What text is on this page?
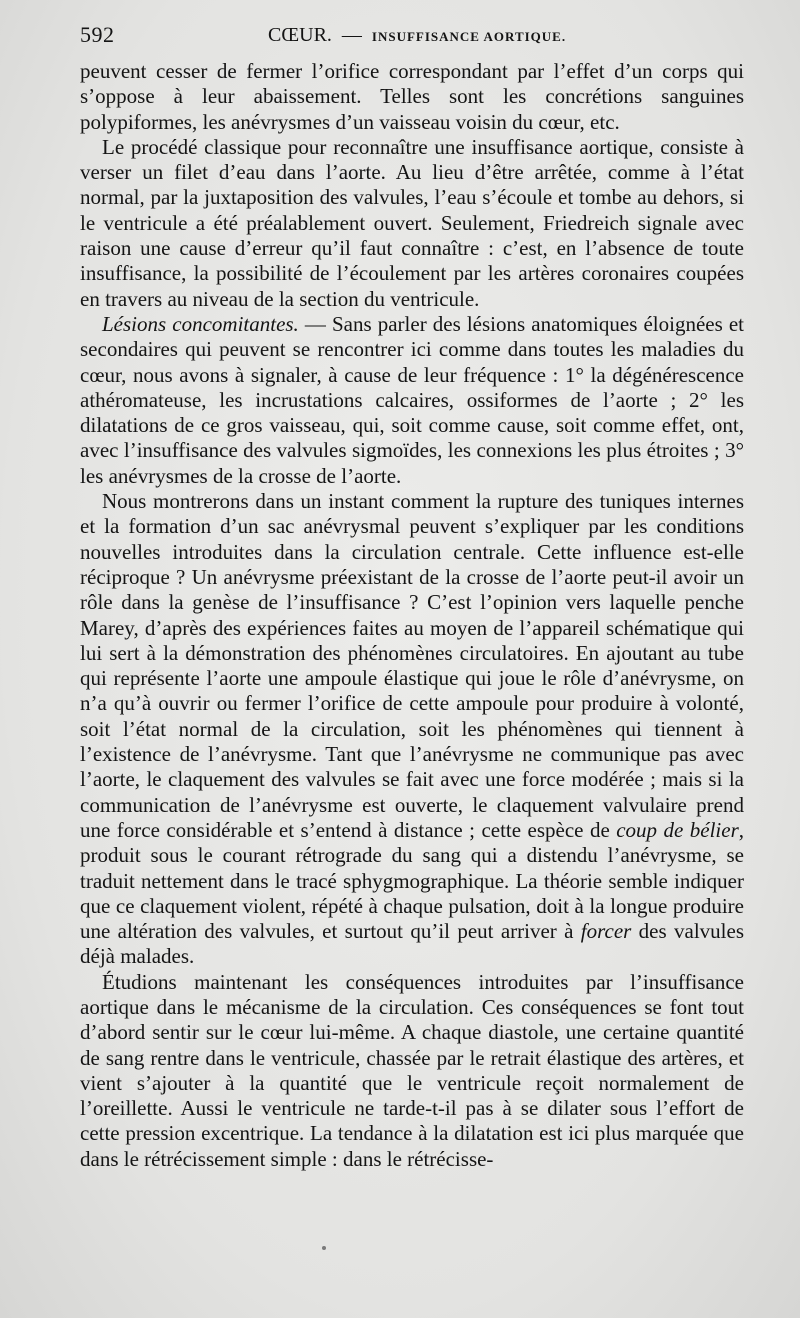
592	CŒUR. — INSUFFISANCE AORTIQUE.

peuvent cesser de fermer l’orifice correspondant par l’effet d’un corps qui s’oppose à leur abaissement. Telles sont les concrétions sanguines polypiformes, les anévrysmes d’un vaisseau voisin du cœur, etc.

Le procédé classique pour reconnaître une insuffisance aortique, consiste à verser un filet d’eau dans l’aorte. Au lieu d’être arrêtée, comme à l’état normal, par la juxtaposition des valvules, l’eau s’écoule et tombe au dehors, si le ventricule a été préalablement ouvert. Seulement, Friedreich signale avec raison une cause d’erreur qu’il faut connaître : c’est, en l’absence de toute insuffisance, la possibilité de l’écoulement par les artères coronaires coupées en travers au niveau de la section du ventricule.

Lésions concomitantes. — Sans parler des lésions anatomiques éloignées et secondaires qui peuvent se rencontrer ici comme dans toutes les maladies du cœur, nous avons à signaler, à cause de leur fréquence : 1° la dégénérescence athéromateuse, les incrustations calcaires, ossiformes de l’aorte ; 2° les dilatations de ce gros vaisseau, qui, soit comme cause, soit comme effet, ont, avec l’insuffisance des valvules sigmoïdes, les connexions les plus étroites ; 3° les anévrysmes de la crosse de l’aorte.

Nous montrerons dans un instant comment la rupture des tuniques internes et la formation d’un sac anévrysmal peuvent s’expliquer par les conditions nouvelles introduites dans la circulation centrale. Cette influence est-elle réciproque ? Un anévrysme préexistant de la crosse de l’aorte peut-il avoir un rôle dans la genèse de l’insuffisance ? C’est l’opinion vers laquelle penche Marey, d’après des expériences faites au moyen de l’appareil schématique qui lui sert à la démonstration des phénomènes circulatoires. En ajoutant au tube qui représente l’aorte une ampoule élastique qui joue le rôle d’anévrysme, on n’a qu’à ouvrir ou fermer l’orifice de cette ampoule pour produire à volonté, soit l’état normal de la circulation, soit les phénomènes qui tiennent à l’existence de l’anévrysme. Tant que l’anévrysme ne communique pas avec l’aorte, le claquement des valvules se fait avec une force modérée ; mais si la communication de l’anévrysme est ouverte, le claquement valvulaire prend une force considérable et s’entend à distance ; cette espèce de coup de bélier, produit sous le courant rétrograde du sang qui a distendu l’anévrysme, se traduit nettement dans le tracé sphygmographique. La théorie semble indiquer que ce claquement violent, répété à chaque pulsation, doit à la longue produire une altération des valvules, et surtout qu’il peut arriver à forcer des valvules déjà malades.

Étudions maintenant les conséquences introduites par l’insuffisance aortique dans le mécanisme de la circulation. Ces conséquences se font tout d’abord sentir sur le cœur lui-même. A chaque diastole, une certaine quantité de sang rentre dans le ventricule, chassée par le retrait élastique des artères, et vient s’ajouter à la quantité que le ventricule reçoit normalement de l’oreillette. Aussi le ventricule ne tarde-t-il pas à se dilater sous l’effort de cette pression excentrique. La tendance à la dilatation est ici plus marquée que dans le rétrécissement simple : dans le rétrécisse-
